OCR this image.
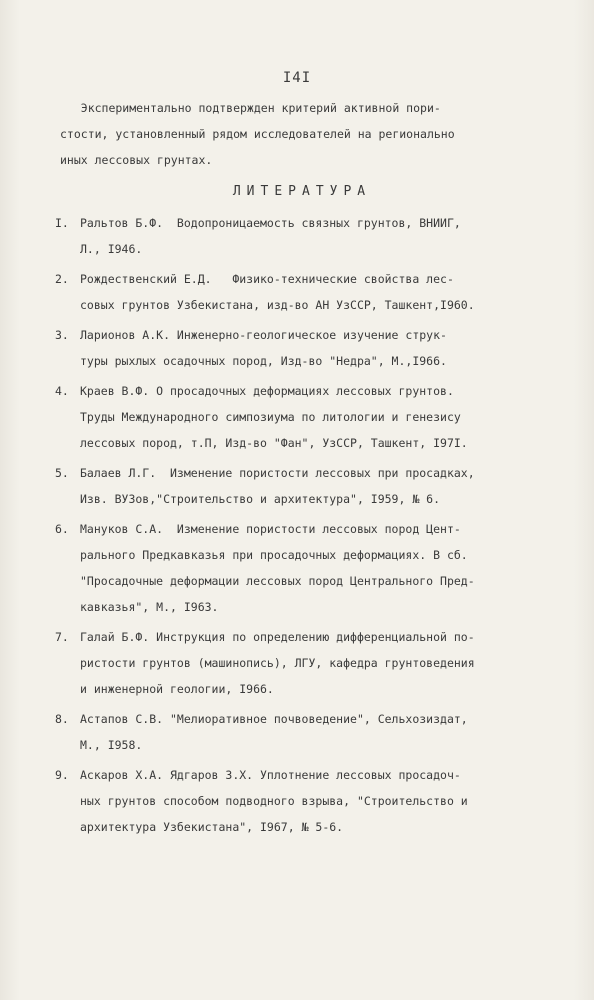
I4I
Экспериментально подтвержден критерий активной пори-
стости, установленный рядом исследователей на регионально
иных лессовых грунтах.
ЛИТЕРАТУРА
I. Ральтов Б.Ф.  Водопроницаемость связных грунтов, ВНИИГ,
Л., I946.
2. Рождественский Е.Д.   Физико-технические свойства лес-
совых грунтов Узбекистана, изд-во АН УзССР, Ташкент,I960.
3. Ларионов А.К. Инженерно-геологическое изучение струк-
туры рыхлых осадочных пород, Изд-во "Недра", М.,I966.
4. Краев В.Ф. О просадочных деформациях лессовых грунтов.
Труды Международного симпозиума по литологии и генезису
лессовых пород, т.П, Изд-во "Фан", УзССР, Ташкент, I97I.
5. Балаев Л.Г.  Изменение пористости лессовых при просадках,
Изв. ВУЗов,"Строительство и архитектура", I959, № 6.
6. Мануков С.А.  Изменение пористости лессовых пород Цент-
рального Предкавказья при просадочных деформациях. В сб.
"Просадочные деформации лессовых пород Центрального Пред-
кавказья", М., I963.
7. Галай Б.Ф. Инструкция по определению дифференциальной по-
ристости грунтов (машинопись), ЛГУ, кафедра грунтоведения
и инженерной геологии, I966.
8. Астапов С.В. "Мелиоративное почвоведение", Сельхозиздат,
М., I958.
9. Аскаров Х.А. Ядгаров З.Х. Уплотнение лессовых просадоч-
ных грунтов способом подводного взрыва, "Строительство и
архитектура Узбекистана", I967, № 5-6.
